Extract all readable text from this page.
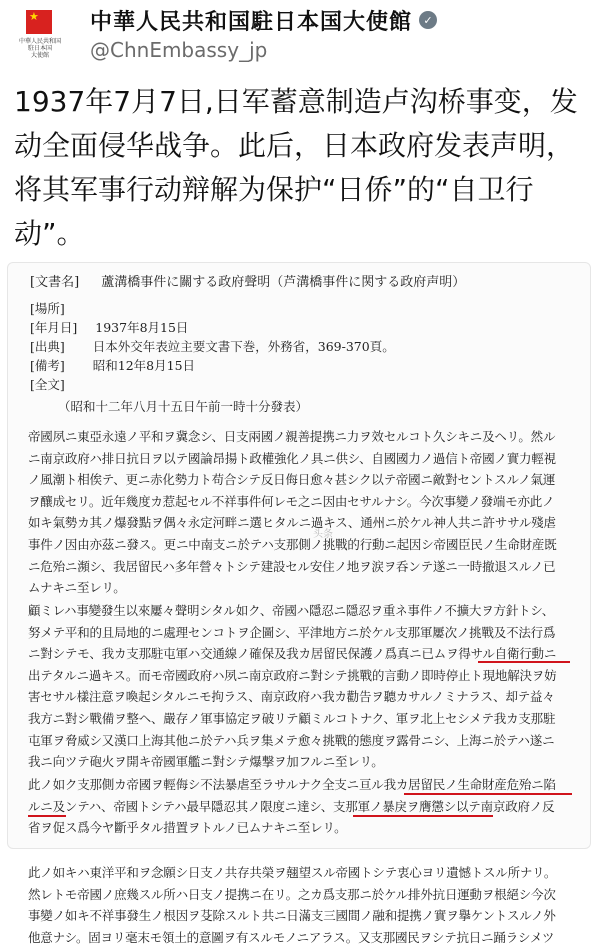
★
中華人民共和国
駐日本国
大使館
中華人民共和国駐日本国大使館 ✓
@ChnEmbassy_jp
1937年7月7日,日军蓄意制造卢沟桥事变，发动全面侵华战争。此后，日本政府发表声明，将其军事行动辩解为保护“日侨”的“自卫行动”。
[文書名] 蘆溝橋事件に關する政府聲明（芦溝橋事件に関する政府声明）
[場所]
[年月日] 1937年8月15日
[出典] 日本外交年表竝主要文書下巻，外務省，369-370頁。
[備考] 昭和12年8月15日
[全文]
（昭和十二年八月十五日午前一時十分發表）
帝國夙ニ東亞永遠ノ平和ヲ冀念シ、日支兩國ノ親善提携ニ力ヲ效セルコト久シキニ及ヘリ。然ル
ニ南京政府ハ排日抗日ヲ以テ國論昂揚ト政權強化ノ具ニ供シ、自國國力ノ過信ト帝國ノ實力輕視
ノ風潮ト相俟テ、更ニ赤化勢力ト苟合シテ反日侮日愈々甚シク以テ帝國ニ敵對セントスルノ氣運
ヲ釀成セリ。近年幾度カ惹起セル不祥事件何レモ之ニ因由セサルナシ。今次事變ノ發端モ亦此ノ
如キ氣勢カ其ノ爆發點ヲ偶々永定河畔ニ選ヒタルニ過キス、通州ニ於ケル神人共ニ許ササル殘虐
事件ノ因由亦茲ニ發ス。更ニ中南支ニ於テハ支那側ノ挑戰的行動ニ起因シ帝國臣民ノ生命財産既
ニ危殆ニ瀕シ、我居留民ハ多年營々トシテ建設セル安住ノ地ヲ涙ヲ呑ンテ遂ニ一時撤退スルノ已
ムナキニ至レリ。
顧ミレハ事變發生以來屢々聲明シタル如ク、帝國ハ隱忍ニ隱忍ヲ重ネ事件ノ不擴大ヲ方針トシ、
努メテ平和的且局地的ニ處理センコトヲ企圖シ、平津地方ニ於ケル支那軍屢次ノ挑戰及不法行爲
ニ對シテモ、我カ支那駐屯軍ハ交通線ノ確保及我カ居留民保護ノ爲真ニ已ムヲ得サル自衛行動ニ
出テタルニ過キス。而モ帝國政府ハ夙ニ南京政府ニ對シテ挑戰的言動ノ即時停止ト現地解決ヲ妨
害セサル樣注意ヲ喚起シタルニモ拘ラス、南京政府ハ我カ勸告ヲ聽カサルノミナラス、却テ益々
我方ニ對シ戰備ヲ整ヘ、嚴存ノ軍事協定ヲ破リテ顧ミルコトナク、軍ヲ北上セシメテ我カ支那駐
屯軍ヲ脅威シ又漢口上海其他ニ於テハ兵ヲ集メテ愈々挑戰的態度ヲ露骨ニシ、上海ニ於テハ遂ニ
我ニ向ツテ砲火ヲ開キ帝國軍艦ニ對シテ爆撃ヲ加フルニ至レリ。
此ノ如ク支那側カ帝國ヲ輕侮シ不法暴虐至ラサルナク全支ニ亘ル我カ居留民ノ生命財産危殆ニ陷
ルニ及ンテハ、帝國トシテハ最早隱忍其ノ限度ニ達シ、支那軍ノ暴戾ヲ膺懲シ以テ南京政府ノ反
省ヲ促ス爲今ヤ斷乎タル措置ヲトルノ已ムナキニ至レリ。
此ノ如キハ東洋平和ヲ念願シ日支ノ共存共榮ヲ翹望スル帝國トシテ衷心ヨリ遺憾トスル所ナリ。
然レトモ帝國ノ庶幾スル所ハ日支ノ提携ニ在リ。之カ爲支那ニ於ケル排外抗日運動ヲ根絕シ今次
事變ノ如キ不祥事發生ノ根因ヲ芟除スルト共ニ日滿支三國間ノ融和提携ノ實ヲ擧ケントスルノ外
他意ナシ。固ヨリ毫末モ領土的意圖ヲ有スルモノニアラス。又支那國民ヲシテ抗日ニ踊ラシメツ
头条
